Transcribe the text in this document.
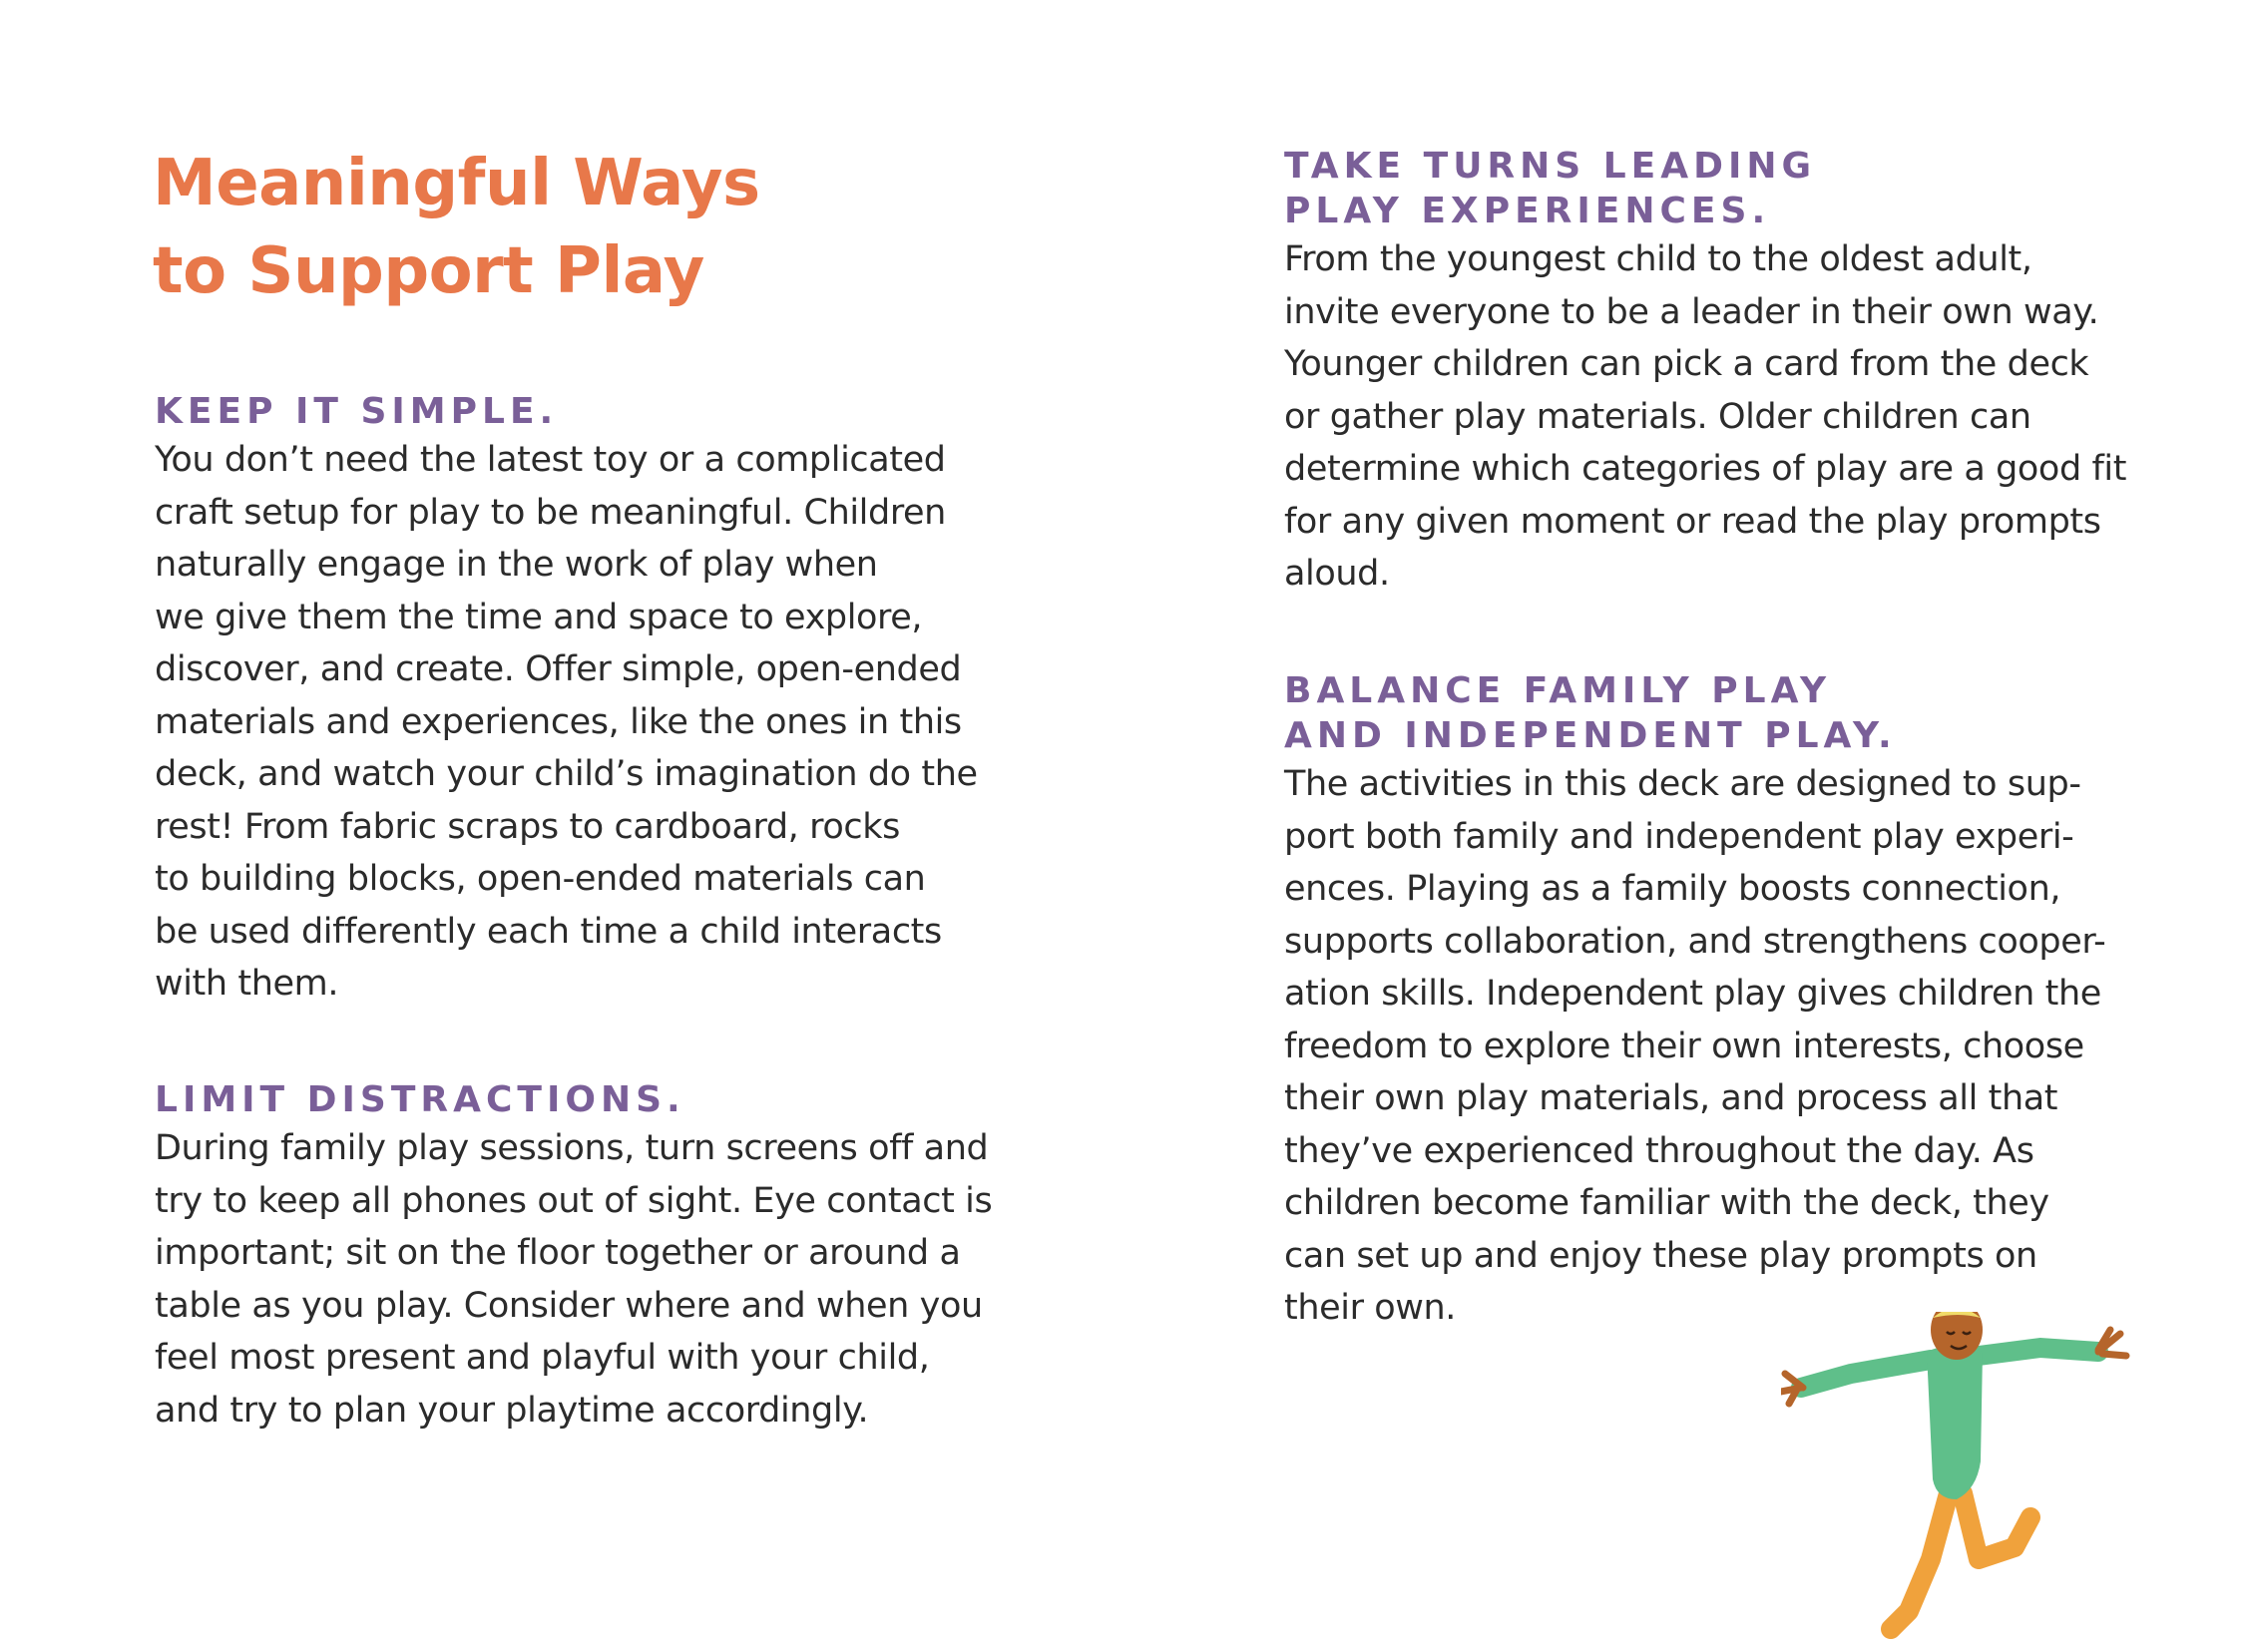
Meaningful Ways
to Support Play
KEEP IT SIMPLE.
You don’t need the latest toy or a complicated
craft setup for play to be meaningful. Children
naturally engage in the work of play when
we give them the time and space to explore,
discover, and create. Offer simple, open-ended
materials and experiences, like the ones in this
deck, and watch your child’s imagination do the
rest! From fabric scraps to cardboard, rocks
to building blocks, open-ended materials can
be used differently each time a child interacts
with them.
LIMIT DISTRACTIONS.
During family play sessions, turn screens off and
try to keep all phones out of sight. Eye contact is
important; sit on the floor together or around a
table as you play. Consider where and when you
feel most present and playful with your child,
and try to plan your playtime accordingly.
TAKE TURNS LEADING
PLAY EXPERIENCES.
From the youngest child to the oldest adult,
invite everyone to be a leader in their own way.
Younger children can pick a card from the deck
or gather play materials. Older children can
determine which categories of play are a good fit
for any given moment or read the play prompts
aloud.
BALANCE FAMILY PLAY
AND INDEPENDENT PLAY.
The activities in this deck are designed to sup-
port both family and independent play experi-
ences. Playing as a family boosts connection,
supports collaboration, and strengthens cooper-
ation skills. Independent play gives children the
freedom to explore their own interests, choose
their own play materials, and process all that
they’ve experienced throughout the day. As
children become familiar with the deck, they
can set up and enjoy these play prompts on
their own.
